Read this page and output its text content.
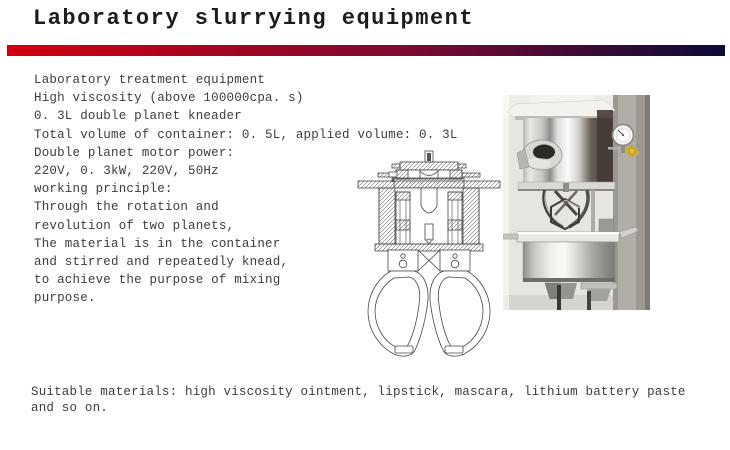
Laboratory slurrying equipment
Laboratory treatment equipment
High viscosity (above 100000cpa. s)
0. 3L double planet kneader
Total volume of container: 0. 5L, applied volume: 0. 3L
Double planet motor power:
220V, 0. 3kW, 220V, 50Hz
working principle:
Through the rotation and
revolution of two planets,
The material is in the container
and stirred and repeatedly knead,
to achieve the purpose of mixing
purpose.
Suitable materials: high viscosity ointment, lipstick, mascara, lithium battery paste
and so on.
